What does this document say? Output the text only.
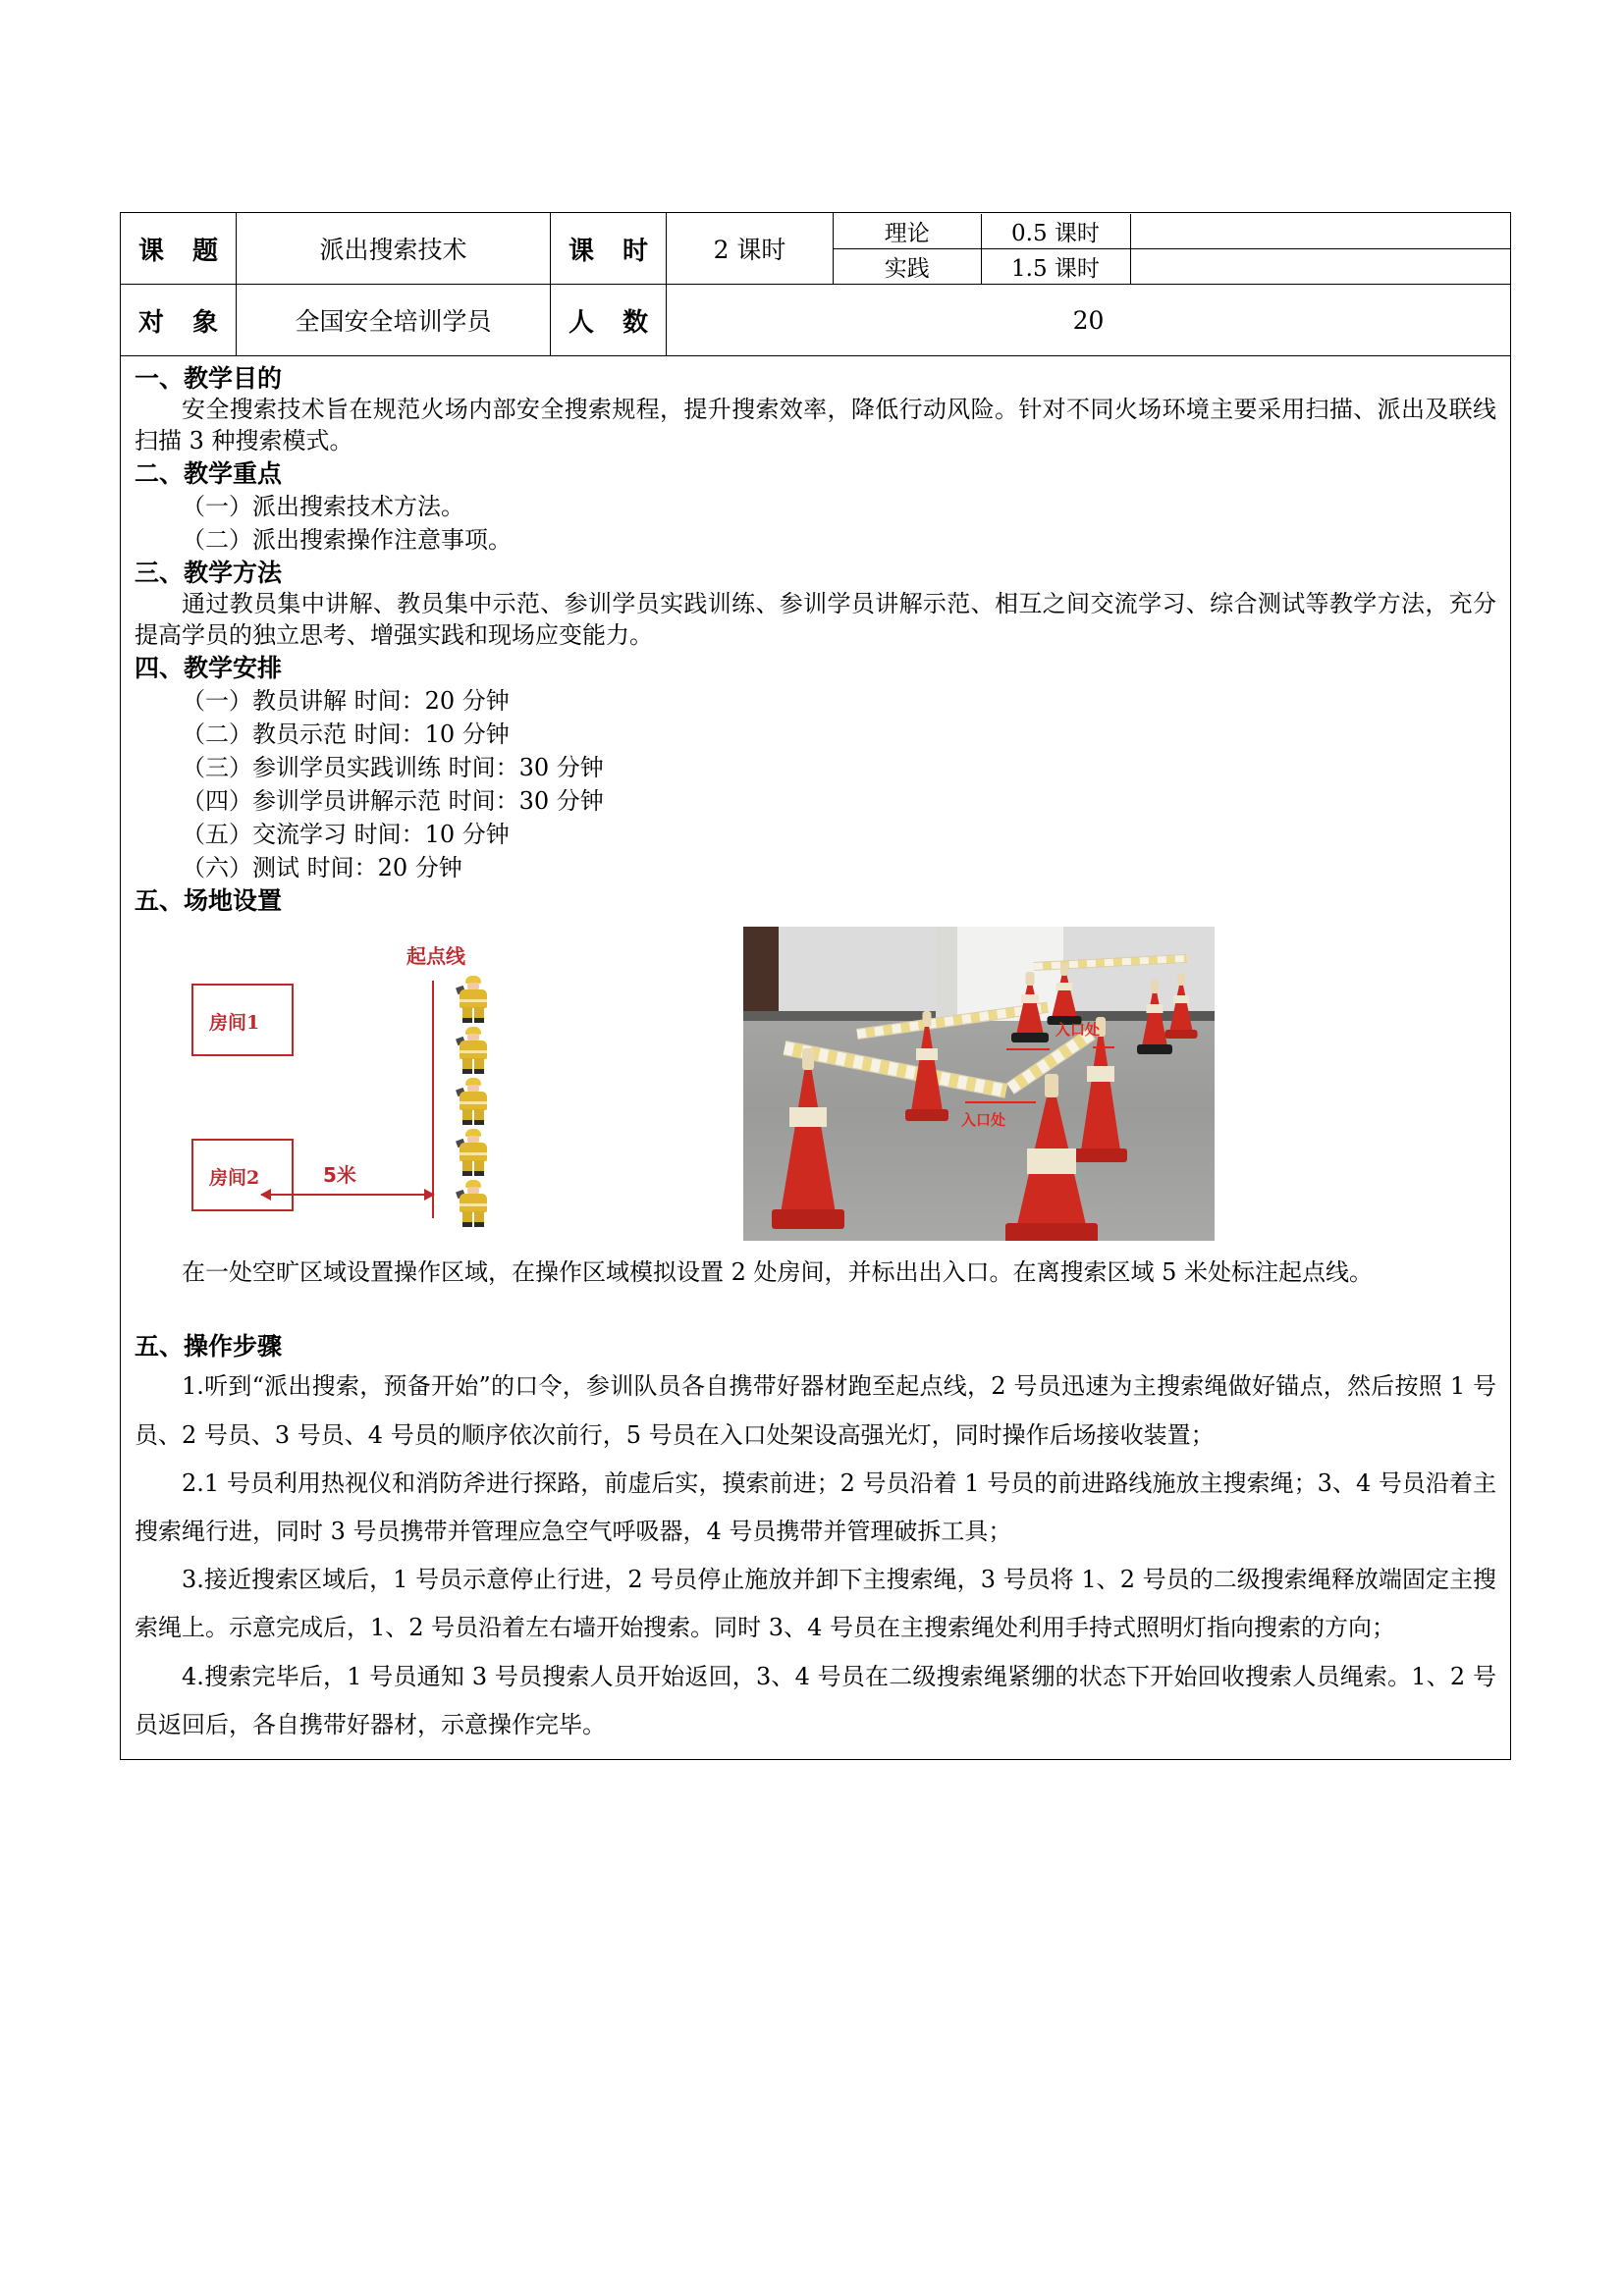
课 题	派出搜索技术	课 时	2 课时	
理论	0.5 课时	
实践	1.5 课时	

对 象	全国安全培训学员	人 数	20

一、教学目的
安全搜索技术旨在规范火场内部安全搜索规程，提升搜索效率，降低行动风险。针对不同火场环境主要采用扫描、派出及联线扫描 3 种搜索模式。
二、教学重点
（一）派出搜索技术方法。
（二）派出搜索操作注意事项。
三、教学方法
通过教员集中讲解、教员集中示范、参训学员实践训练、参训学员讲解示范、相互之间交流学习、综合测试等教学方法，充分提高学员的独立思考、增强实践和现场应变能力。
四、教学安排
（一）教员讲解 时间：20 分钟
（二）教员示范 时间：10 分钟
（三）参训学员实践训练 时间：30 分钟
（四）参训学员讲解示范 时间：30 分钟
（五）交流学习 时间：10 分钟
（六）测试 时间：20 分钟
五、场地设置
房间1
房间2
起点线
5米
入口处
入口处
在一处空旷区域设置操作区域，在操作区域模拟设置 2 处房间，并标出出入口。在离搜索区域 5 米处标注起点线。
五、操作步骤
1.听到“派出搜索，预备开始”的口令，参训队员各自携带好器材跑至起点线，2 号员迅速为主搜索绳做好锚点，然后按照 1 号员、2 号员、3 号员、4 号员的顺序依次前行，5 号员在入口处架设高强光灯，同时操作后场接收装置；
2.1 号员利用热视仪和消防斧进行探路，前虚后实，摸索前进；2 号员沿着 1 号员的前进路线施放主搜索绳；3、4 号员沿着主搜索绳行进，同时 3 号员携带并管理应急空气呼吸器，4 号员携带并管理破拆工具；
3.接近搜索区域后，1 号员示意停止行进，2 号员停止施放并卸下主搜索绳，3 号员将 1、2 号员的二级搜索绳释放端固定主搜索绳上。示意完成后，1、2 号员沿着左右墙开始搜索。同时 3、4 号员在主搜索绳处利用手持式照明灯指向搜索的方向；
4.搜索完毕后，1 号员通知 3 号员搜索人员开始返回，3、4 号员在二级搜索绳紧绷的状态下开始回收搜索人员绳索。1、2 号员返回后，各自携带好器材，示意操作完毕。
